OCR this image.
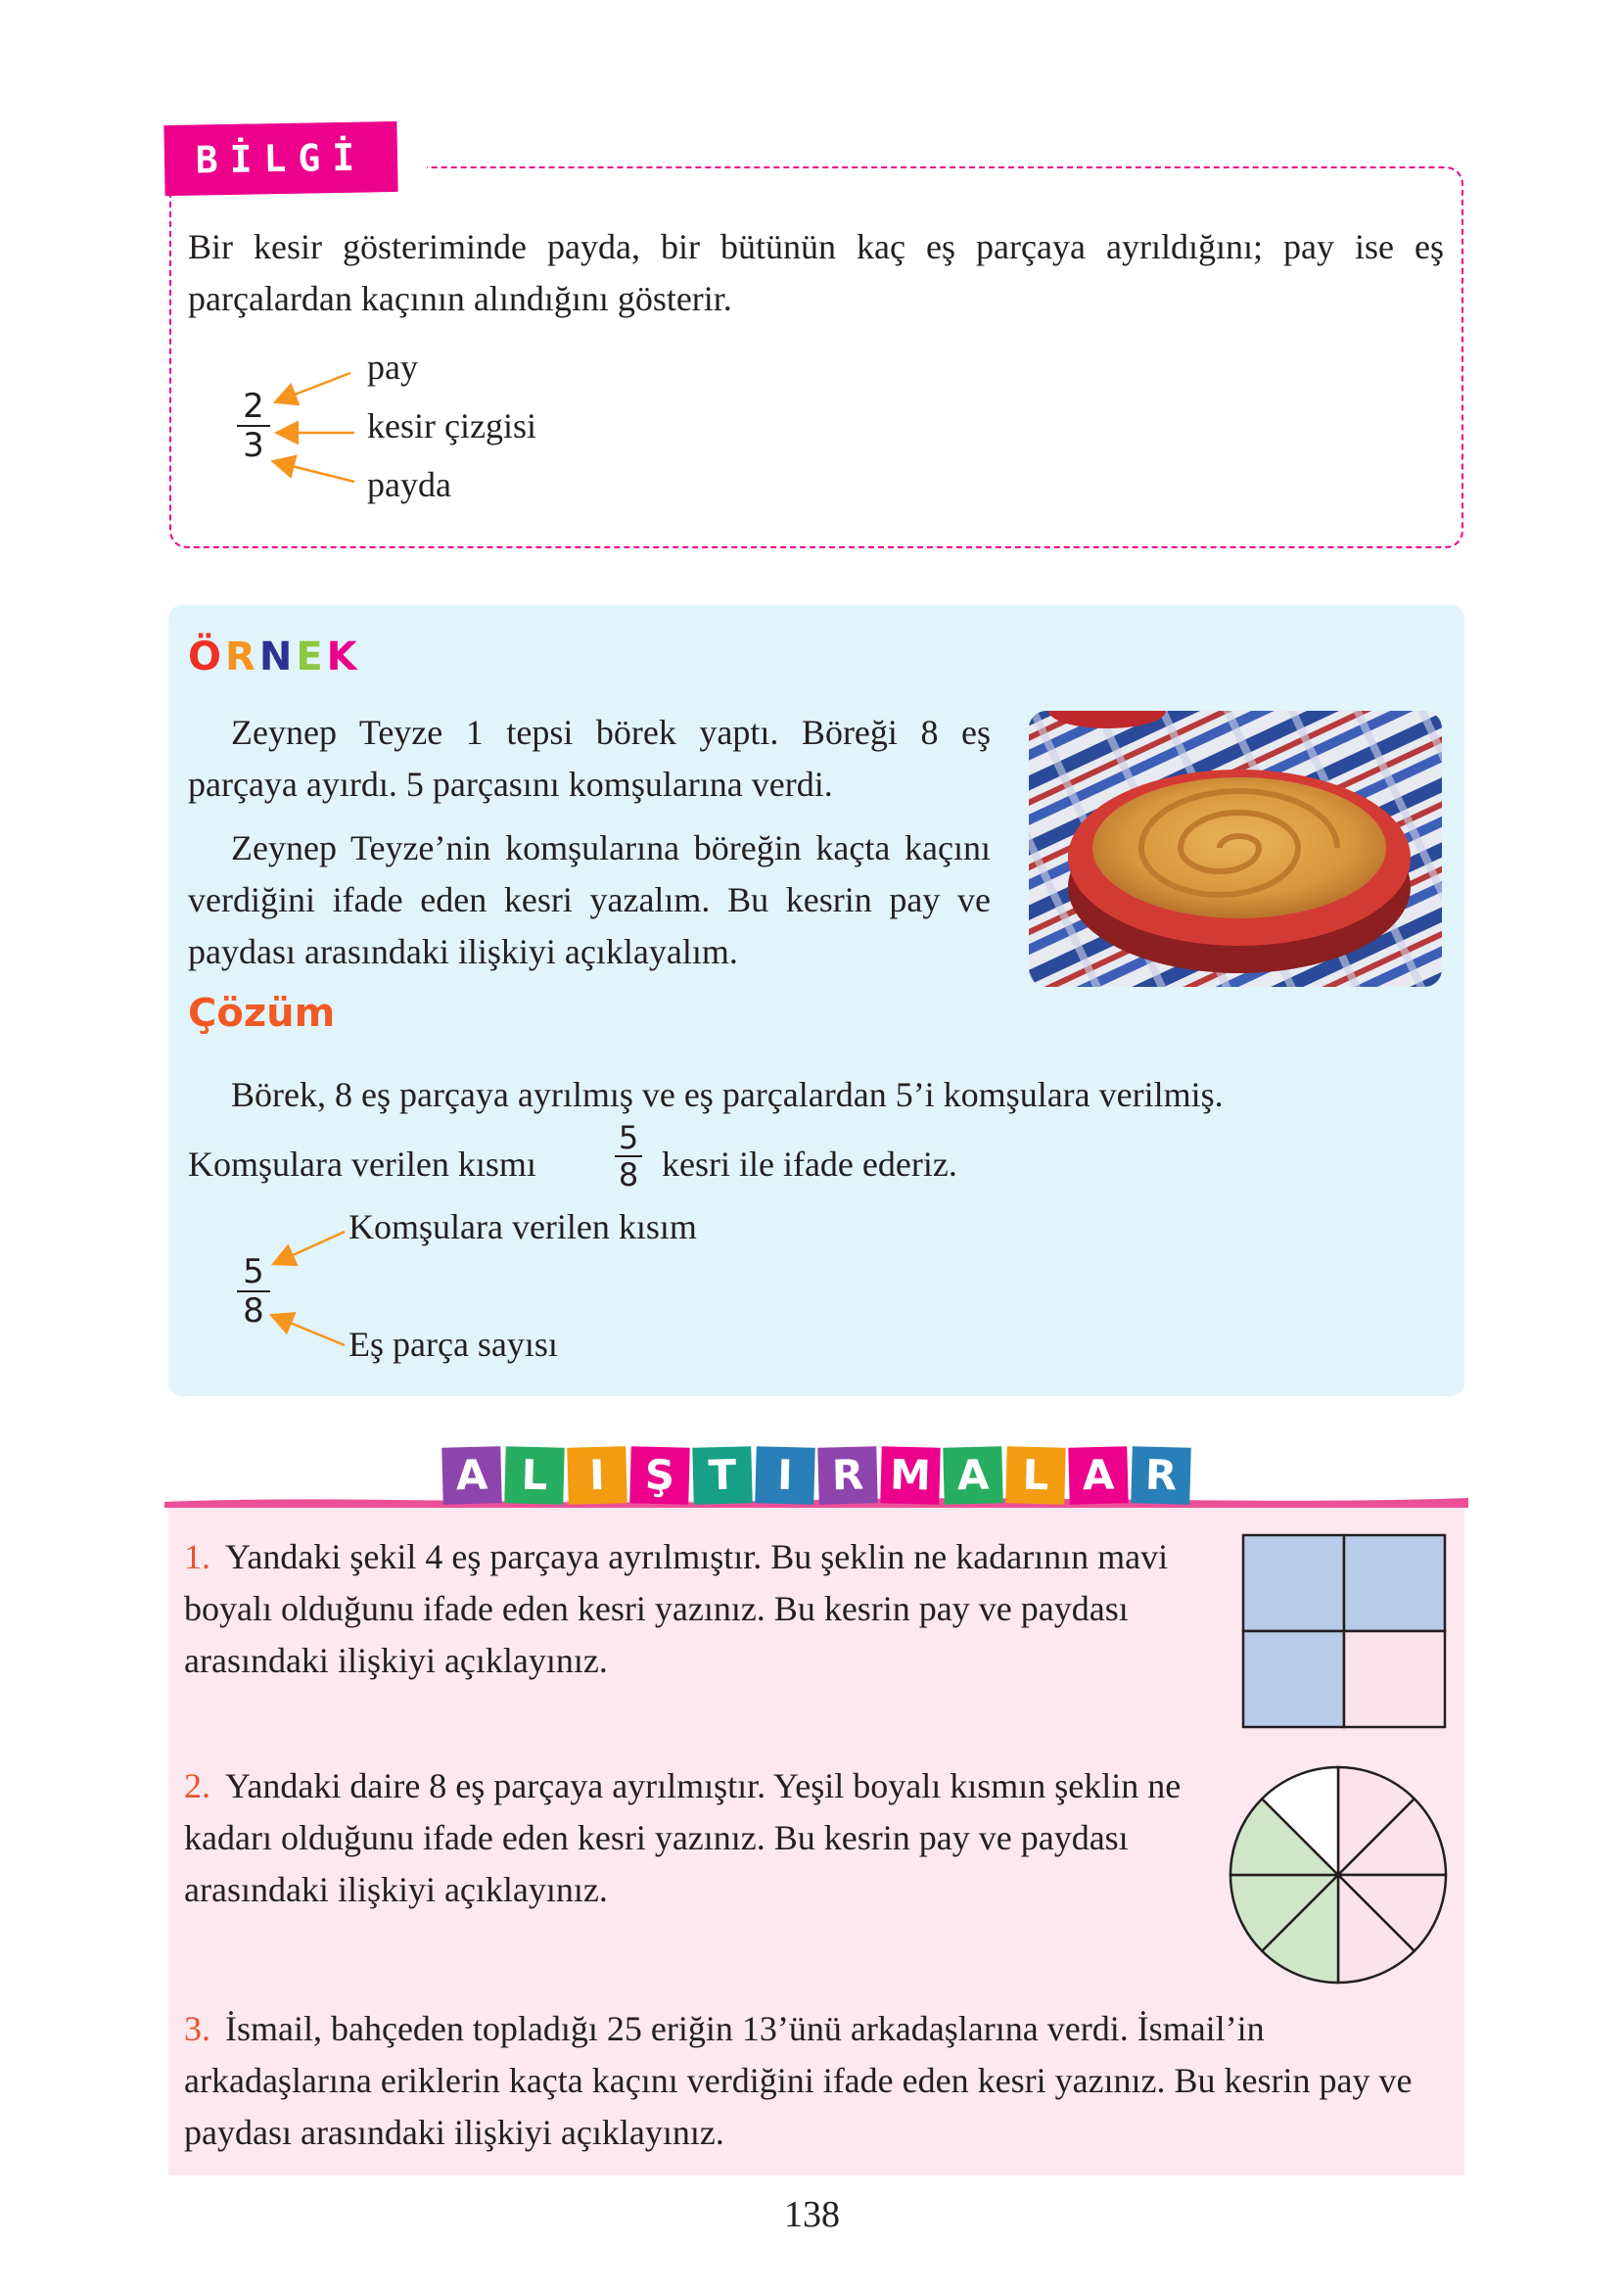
BİLGİ
Bir kesir gösteriminde payda, bir bütünün kaç eş parçaya ayrıldığını; pay ise eş parçalardan kaçının alındığını gösterir.
2
3
pay
kesir çizgisi
payda
ÖRNEK
Zeynep Teyze 1 tepsi börek yaptı. Böreği 8 eş parçaya ayırdı. 5 parçasını komşularına verdi.
Zeynep Teyze’nin komşularına böreğin kaçta kaçını verdiğini ifade eden kesri yazalım. Bu kesrin pay ve paydası arasındaki ilişkiyi açıklayalım.
Çözüm
Börek, 8 eş parçaya ayrılmış ve eş parçalardan 5’i komşulara verilmiş.
Komşulara verilen kısmı
5
8 kesri ile ifade ederiz.
5
8
Komşulara verilen kısım
Eş parça sayısı
A L I Ş T I R M A L A R
1. Yandaki şekil 4 eş parçaya ayrılmıştır. Bu şeklin ne kadarının mavi boyalı olduğunu ifade eden kesri yazınız. Bu kesrin pay ve paydası arasındaki ilişkiyi açıklayınız.
2. Yandaki daire 8 eş parçaya ayrılmıştır. Yeşil boyalı kısmın şeklin ne kadarı olduğunu ifade eden kesri yazınız. Bu kesrin pay ve paydası arasındaki ilişkiyi açıklayınız.
3. İsmail, bahçeden topladığı 25 eriğin 13’ünü arkadaşlarına verdi. İsmail’in arkadaşlarına eriklerin kaçta kaçını verdiğini ifade eden kesri yazınız. Bu kesrin pay ve paydası arasındaki ilişkiyi açıklayınız.
138
